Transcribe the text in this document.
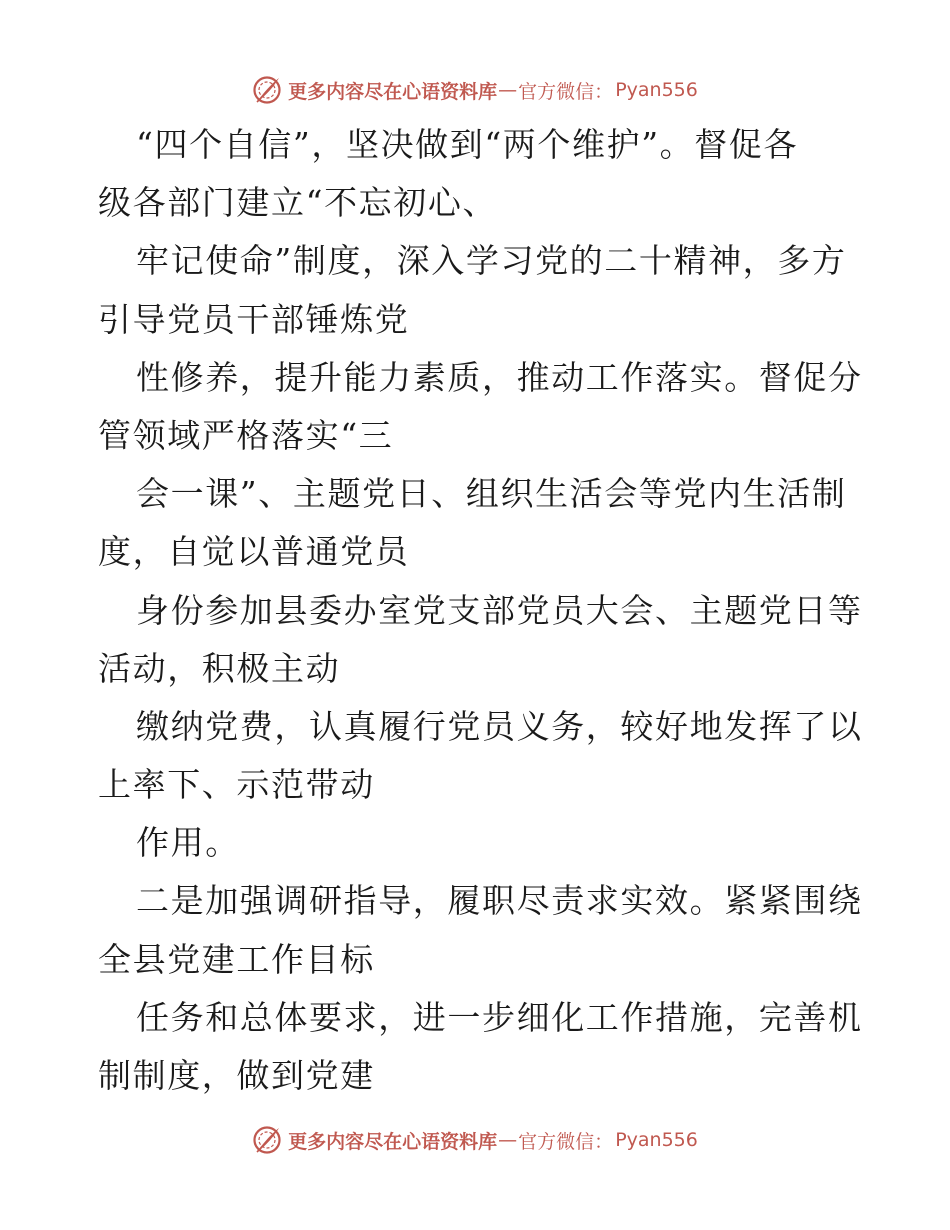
更多内容尽在心语资料库 — 官方微信： Pyan556
“四个自信”，坚决做到“两个维护”。督促各
级各部门建立“不忘初心、
牢记使命”制度，深入学习党的二十精神，多方
引导党员干部锤炼党
性修养，提升能力素质，推动工作落实。督促分
管领域严格落实“三
会一课”、主题党日、组织生活会等党内生活制
度，自觉以普通党员
身份参加县委办室党支部党员大会、主题党日等
活动，积极主动
缴纳党费，认真履行党员义务，较好地发挥了以
上率下、示范带动
作用。
二是加强调研指导，履职尽责求实效。紧紧围绕
全县党建工作目标
任务和总体要求，进一步细化工作措施，完善机
制制度，做到党建
更多内容尽在心语资料库 — 官方微信： Pyan556
